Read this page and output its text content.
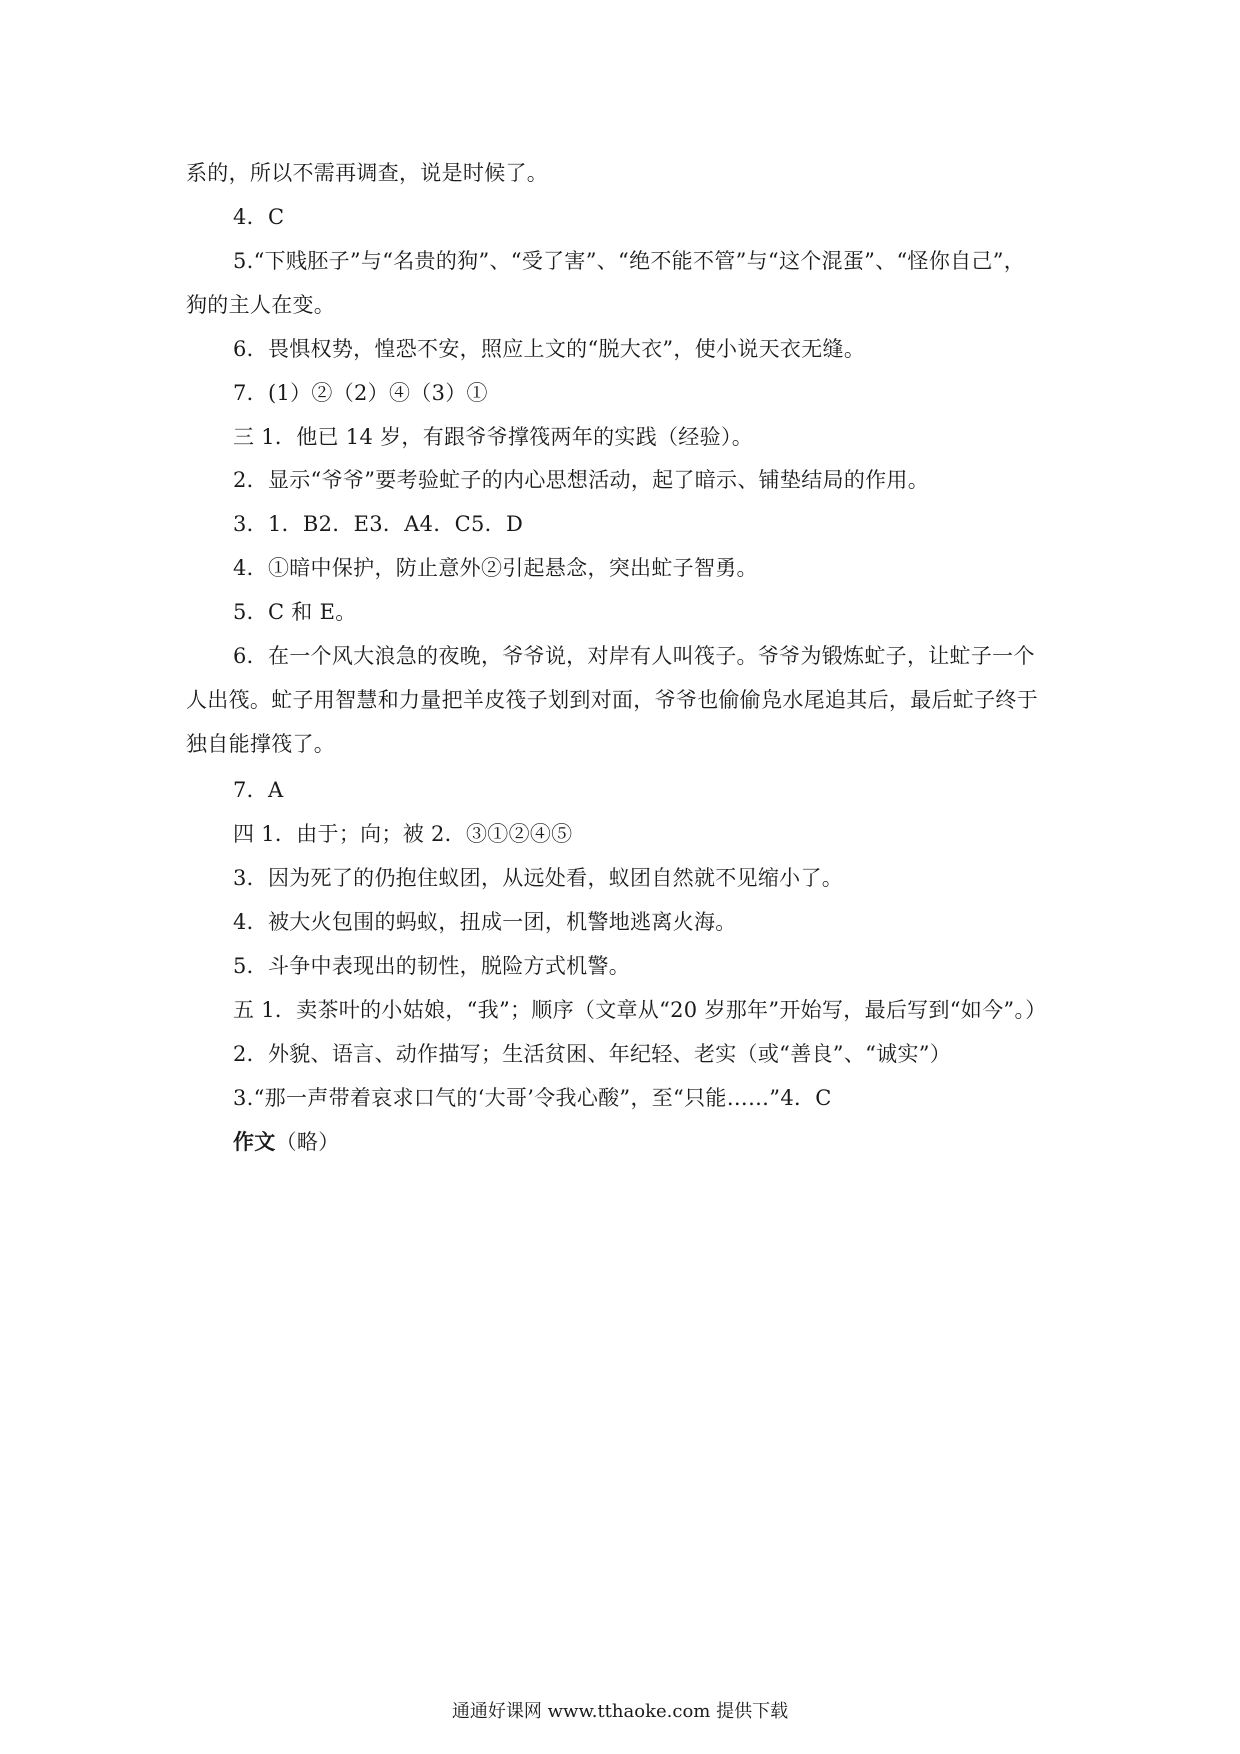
系的，所以不需再调查，说是时候了。
4．C
5.“下贱胚子”与“名贵的狗”、“受了害”、“绝不能不管”与“这个混蛋”、“怪你自己”，
狗的主人在变。
6．畏惧权势，惶恐不安，照应上文的“脱大衣”，使小说天衣无缝。
7．(1）②（2）④（3）①
三 1．他已 14 岁，有跟爷爷撑筏两年的实践（经验）。
2．显示“爷爷”要考验虻子的内心思想活动，起了暗示、铺垫结局的作用。
3．1．B2．E3．A4．C5．D
4．①暗中保护，防止意外②引起悬念，突出虻子智勇。
5．C 和 E。
6．在一个风大浪急的夜晚，爷爷说，对岸有人叫筏子。爷爷为锻炼虻子，让虻子一个
人出筏。虻子用智慧和力量把羊皮筏子划到对面，爷爷也偷偷凫水尾追其后，最后虻子终于
独自能撑筏了。
7．A
四 1．由于；向；被 2．③①②④⑤
3．因为死了的仍抱住蚁团，从远处看，蚁团自然就不见缩小了。
4．被大火包围的蚂蚁，扭成一团，机警地逃离火海。
5．斗争中表现出的韧性，脱险方式机警。
五 1．卖茶叶的小姑娘，“我”；顺序（文章从“20 岁那年”开始写，最后写到“如今”。）
2．外貌、语言、动作描写；生活贫困、年纪轻、老实（或“善良”、“诚实”）
3.“那一声带着哀求口气的‘大哥’令我心酸”，至“只能……”4．C
作文（略）
通通好课网 www.tthaoke.com 提供下载
